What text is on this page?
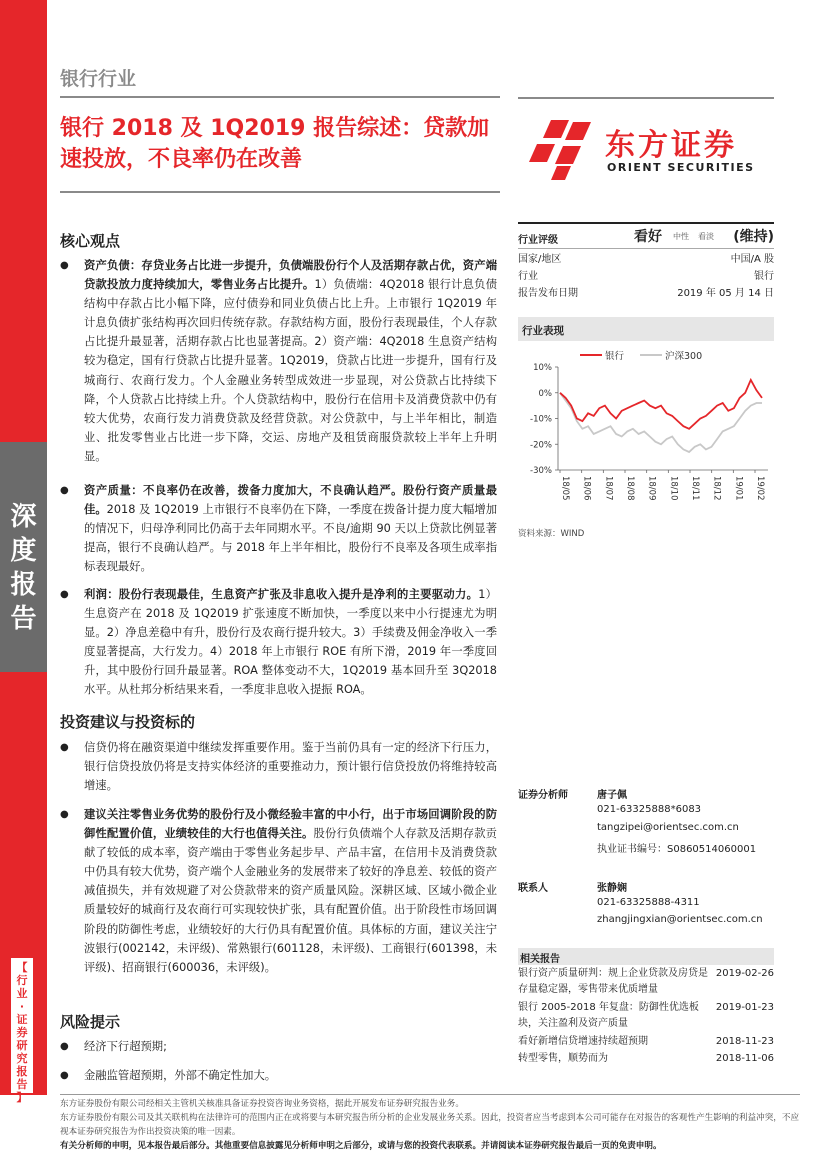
深
度
报
告
【
行
业
·
证
券
研
究
报
告
】
银行行业
银行 2018 及 1Q2019 报告综述：贷款加速投放，不良率仍在改善	东方证券
ORIENT SECURITIES
核心观点
● 资产负债：存贷业务占比进一步提升，负债端股份行个人及活期存款占优，资产端贷款投放力度持续加大，零售业务占比提升。1）负债端：4Q2018 银行计息负债结构中存款占比小幅下降，应付债券和同业负债占比上升。上市银行 1Q2019 年计息负债扩张结构再次回归传统存款。存款结构方面，股份行表现最佳，个人存款占比提升最显著，活期存款占比也显著提高。2）资产端：4Q2018 生息资产结构较为稳定，国有行贷款占比提升显著。1Q2019，贷款占比进一步提升，国有行及城商行、农商行发力。个人金融业务转型成效进一步显现，对公贷款占比持续下降，个人贷款占比持续上升。个人贷款结构中，股份行在信用卡及消费贷款中仍有较大优势，农商行发力消费贷款及经营贷款。对公贷款中，与上半年相比，制造业、批发零售业占比进一步下降，交运、房地产及租赁商服贷款较上半年上升明显。
● 资产质量：不良率仍在改善，拨备力度加大，不良确认趋严。股份行资产质量最佳。2018 及 1Q2019 上市银行不良率仍在下降，一季度在拨备计提力度大幅增加的情况下，归母净利同比仍高于去年同期水平。不良/逾期 90 天以上贷款比例显著提高，银行不良确认趋严。与 2018 年上半年相比，股份行不良率及各项生成率指标表现最好。
● 利润：股份行表现最佳，生息资产扩张及非息收入提升是净利的主要驱动力。1）生息资产在 2018 及 1Q2019 扩张速度不断加快，一季度以来中小行提速尤为明显。2）净息差稳中有升，股份行及农商行提升较大。3）手续费及佣金净收入一季度显著提高，大行发力。4）2018 年上市银行 ROE 有所下滑，2019 年一季度回升，其中股份行回升最显著。ROA 整体变动不大，1Q2019 基本回升至 3Q2018 水平。从杜邦分析结果来看，一季度非息收入提振 ROA。
投资建议与投资标的
● 信贷仍将在融资渠道中继续发挥重要作用。鉴于当前仍具有一定的经济下行压力，银行信贷投放仍将是支持实体经济的重要推动力，预计银行信贷投放仍将维持较高增速。
● 建议关注零售业务优势的股份行及小微经验丰富的中小行，出于市场回调阶段的防御性配置价值，业绩较佳的大行也值得关注。股份行负债端个人存款及活期存款贡献了较低的成本率，资产端由于零售业务起步早、产品丰富，在信用卡及消费贷款中仍具有较大优势，资产端个人金融业务的发展带来了较好的净息差、较低的资产减值损失，并有效规避了对公贷款带来的资产质量风险。深耕区域、区域小微企业质量较好的城商行及农商行可实现较快扩张，具有配置价值。出于阶段性市场回调阶段的防御性考虑，业绩较好的大行仍具有配置价值。具体标的方面，建议关注宁波银行(002142，未评级)、常熟银行(601128，未评级)、工商银行(601398，未评级)、招商银行(600036，未评级)。
风险提示
● 经济下行超预期;
● 金融监管超预期，外部不确定性加大。
行业评级	看好 中性 看淡 (维持)
国家/地区	中国/A 股
行业	银行
报告发布日期	2019 年 05 月 14 日
行业表现
银行	沪深300
10%
0%
-10%
-20%
-30%
18/05 18/06 18/07 18/08 18/09 18/10 18/11 18/12 19/01 19/02
资料来源：WIND
证券分析师	唐子佩
021-63325888*6083
tangzipei@orientsec.com.cn
执业证书编号：S0860514060001
联系人	张静娴
021-63325888-4311
zhangjingxian@orientsec.com.cn
相关报告
银行资产质量研判：规上企业贷款及房贷是存量稳定器，零售带来优质增量
2019-02-26
银行 2005-2018 年复盘：防御性优选板块，关注盈利及资产质量
2019-01-23
看好新增信贷增速持续超预期	2018-11-23
转型零售，顺势而为	2018-11-06
东方证券股份有限公司经相关主管机关核准具备证券投资咨询业务资格，据此开展发布证券研究报告业务。
东方证券股份有限公司及其关联机构在法律许可的范围内正在或将要与本研究报告所分析的企业发展业务关系。因此，投资者应当考虑到本公司可能存在对报告的客观性产生影响的利益冲突，不应视本证券研究报告为作出投资决策的唯一因素。
有关分析师的申明，见本报告最后部分。其他重要信息披露见分析师申明之后部分，或请与您的投资代表联系。并请阅读本证券研究报告最后一页的免责申明。
